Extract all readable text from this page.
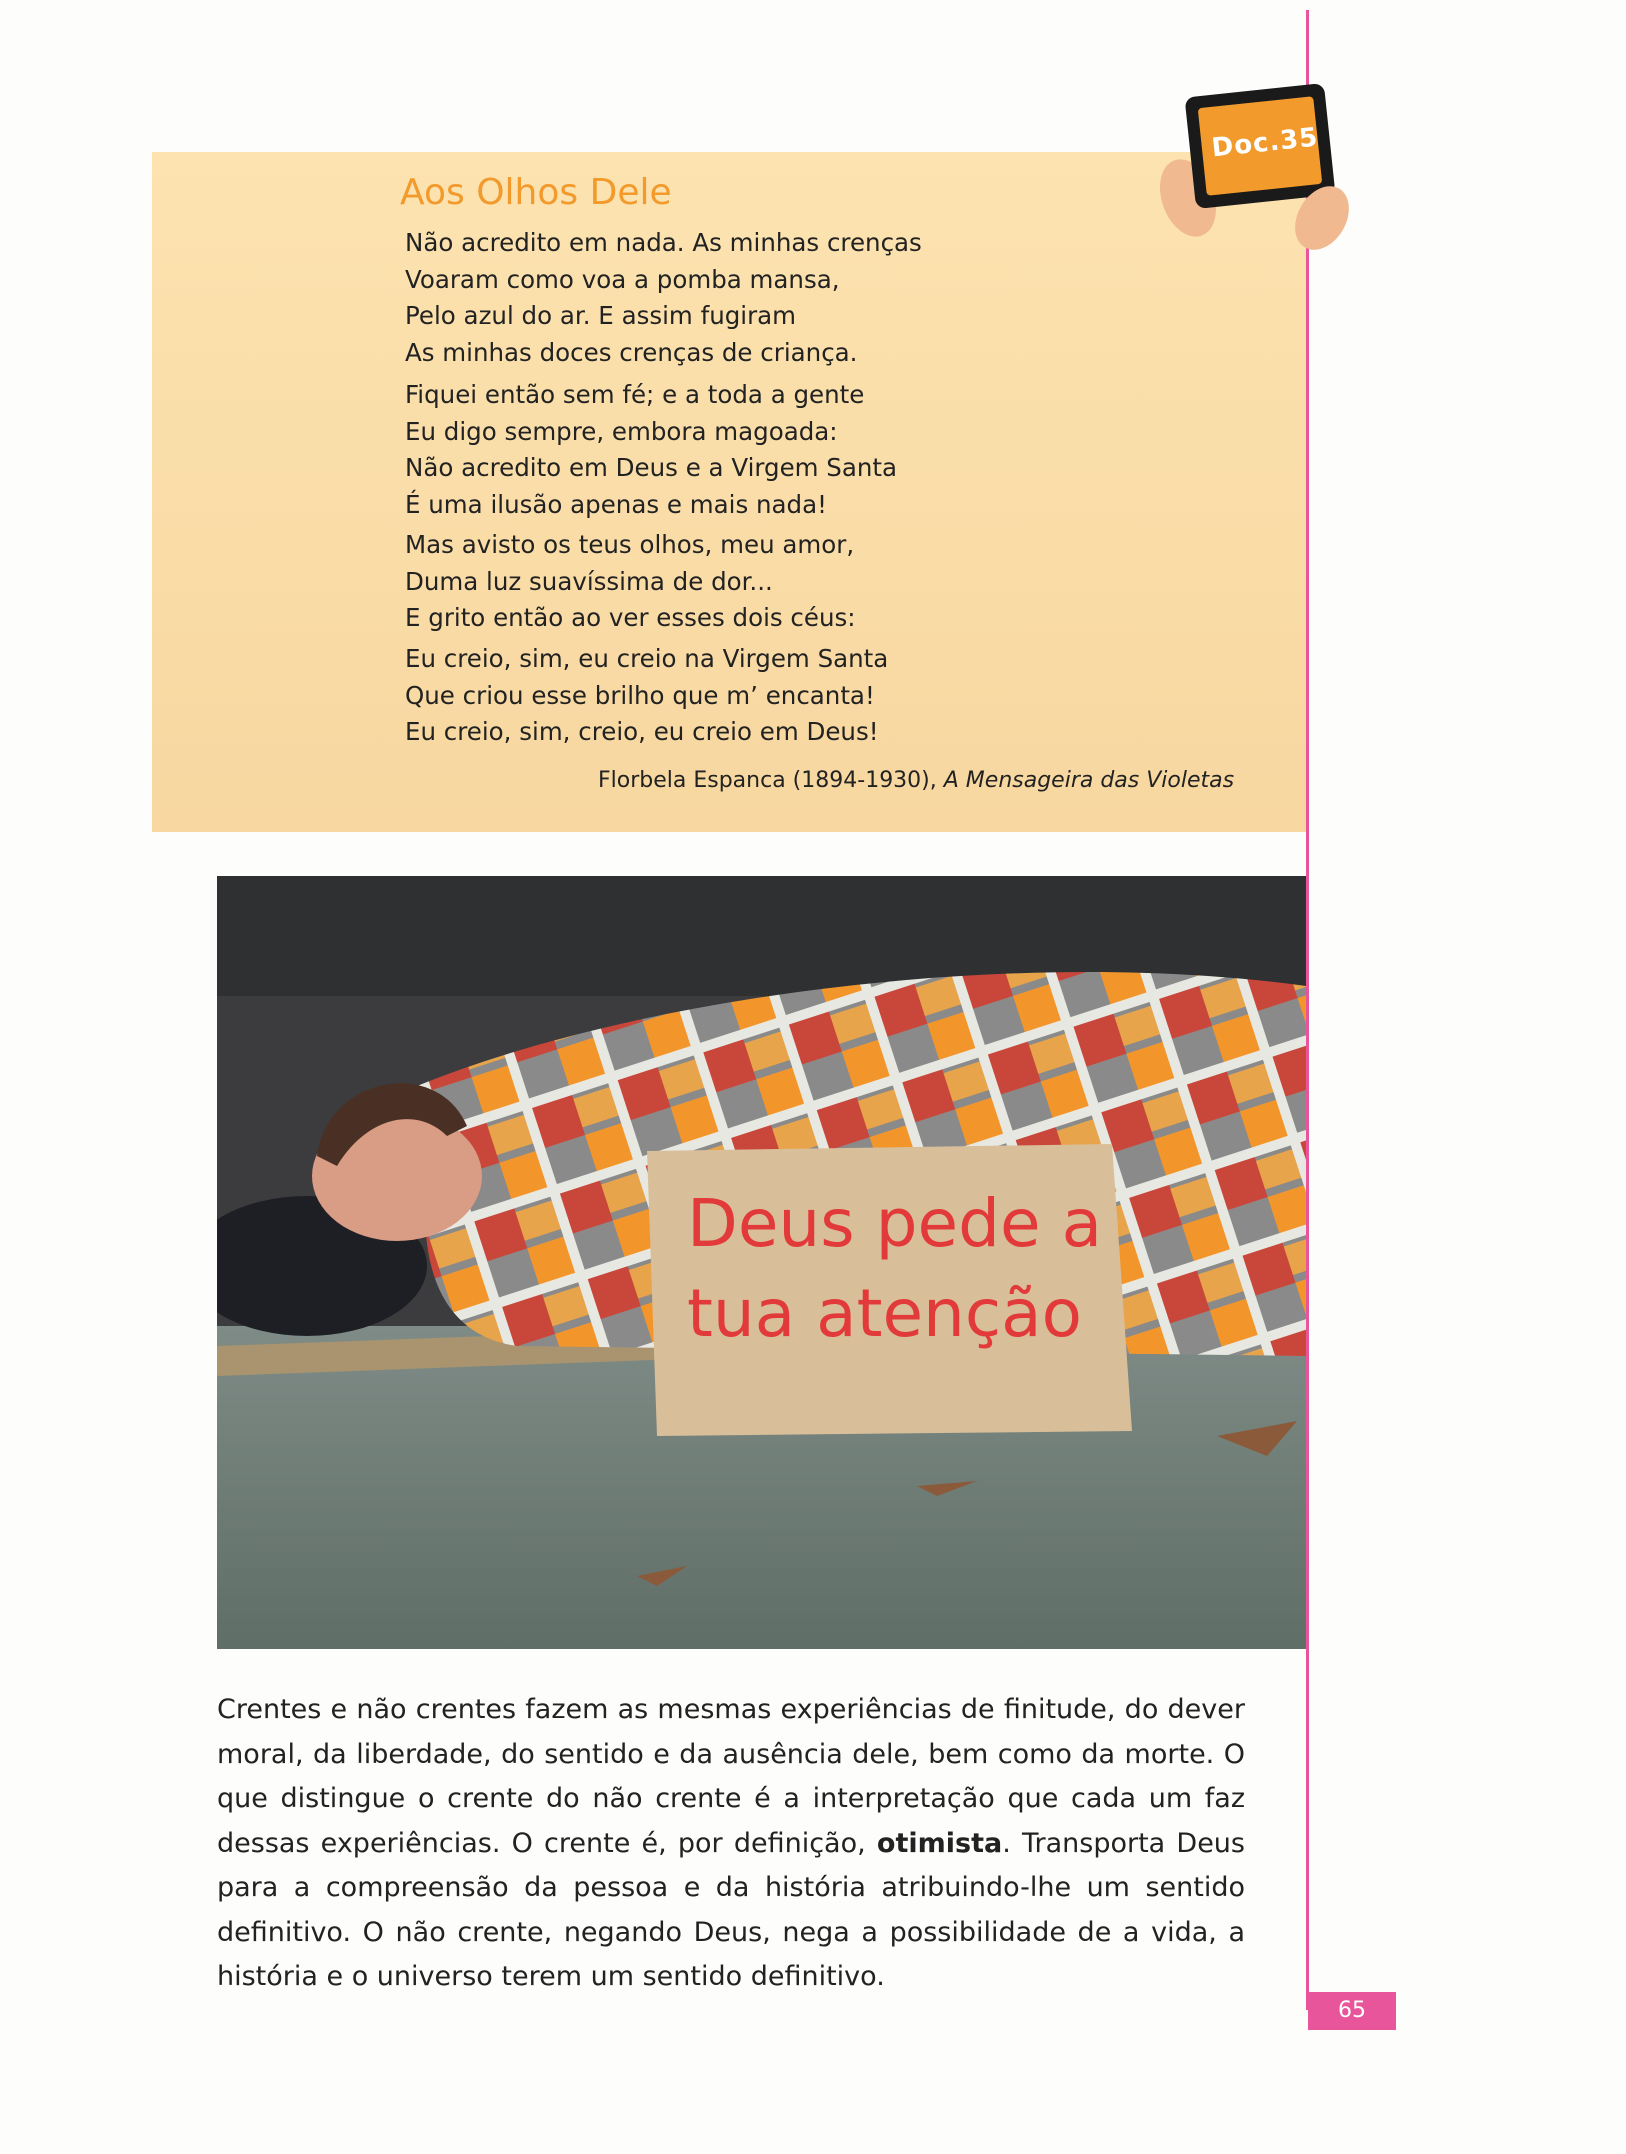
Aos Olhos Dele
Não acredito em nada. As minhas crenças
Voaram como voa a pomba mansa,
Pelo azul do ar. E assim fugiram
As minhas doces crenças de criança.
Fiquei então sem fé; e a toda a gente
Eu digo sempre, embora magoada:
Não acredito em Deus e a Virgem Santa
É uma ilusão apenas e mais nada!
Mas avisto os teus olhos, meu amor,
Duma luz suavíssima de dor...
E grito então ao ver esses dois céus:
Eu creio, sim, eu creio na Virgem Santa
Que criou esse brilho que m’ encanta!
Eu creio, sim, creio, eu creio em Deus!
Florbela Espanca (1894-1930), A Mensageira das Violetas
Doc.35
Deus pede a
tua atenção

Crentes e não crentes fazem as mesmas experiências de finitude, do dever moral, da liberdade, do sentido e da ausência dele, bem como da morte. O que distingue o crente do não crente é a interpretação que cada um faz dessas experiências. O crente é, por definição, otimista. Transporta Deus para a compreensão da pessoa e da história atribuindo-lhe um sentido definitivo. O não crente, negando Deus, nega a possibilidade de a vida, a história e o universo terem um sentido definitivo.

65
